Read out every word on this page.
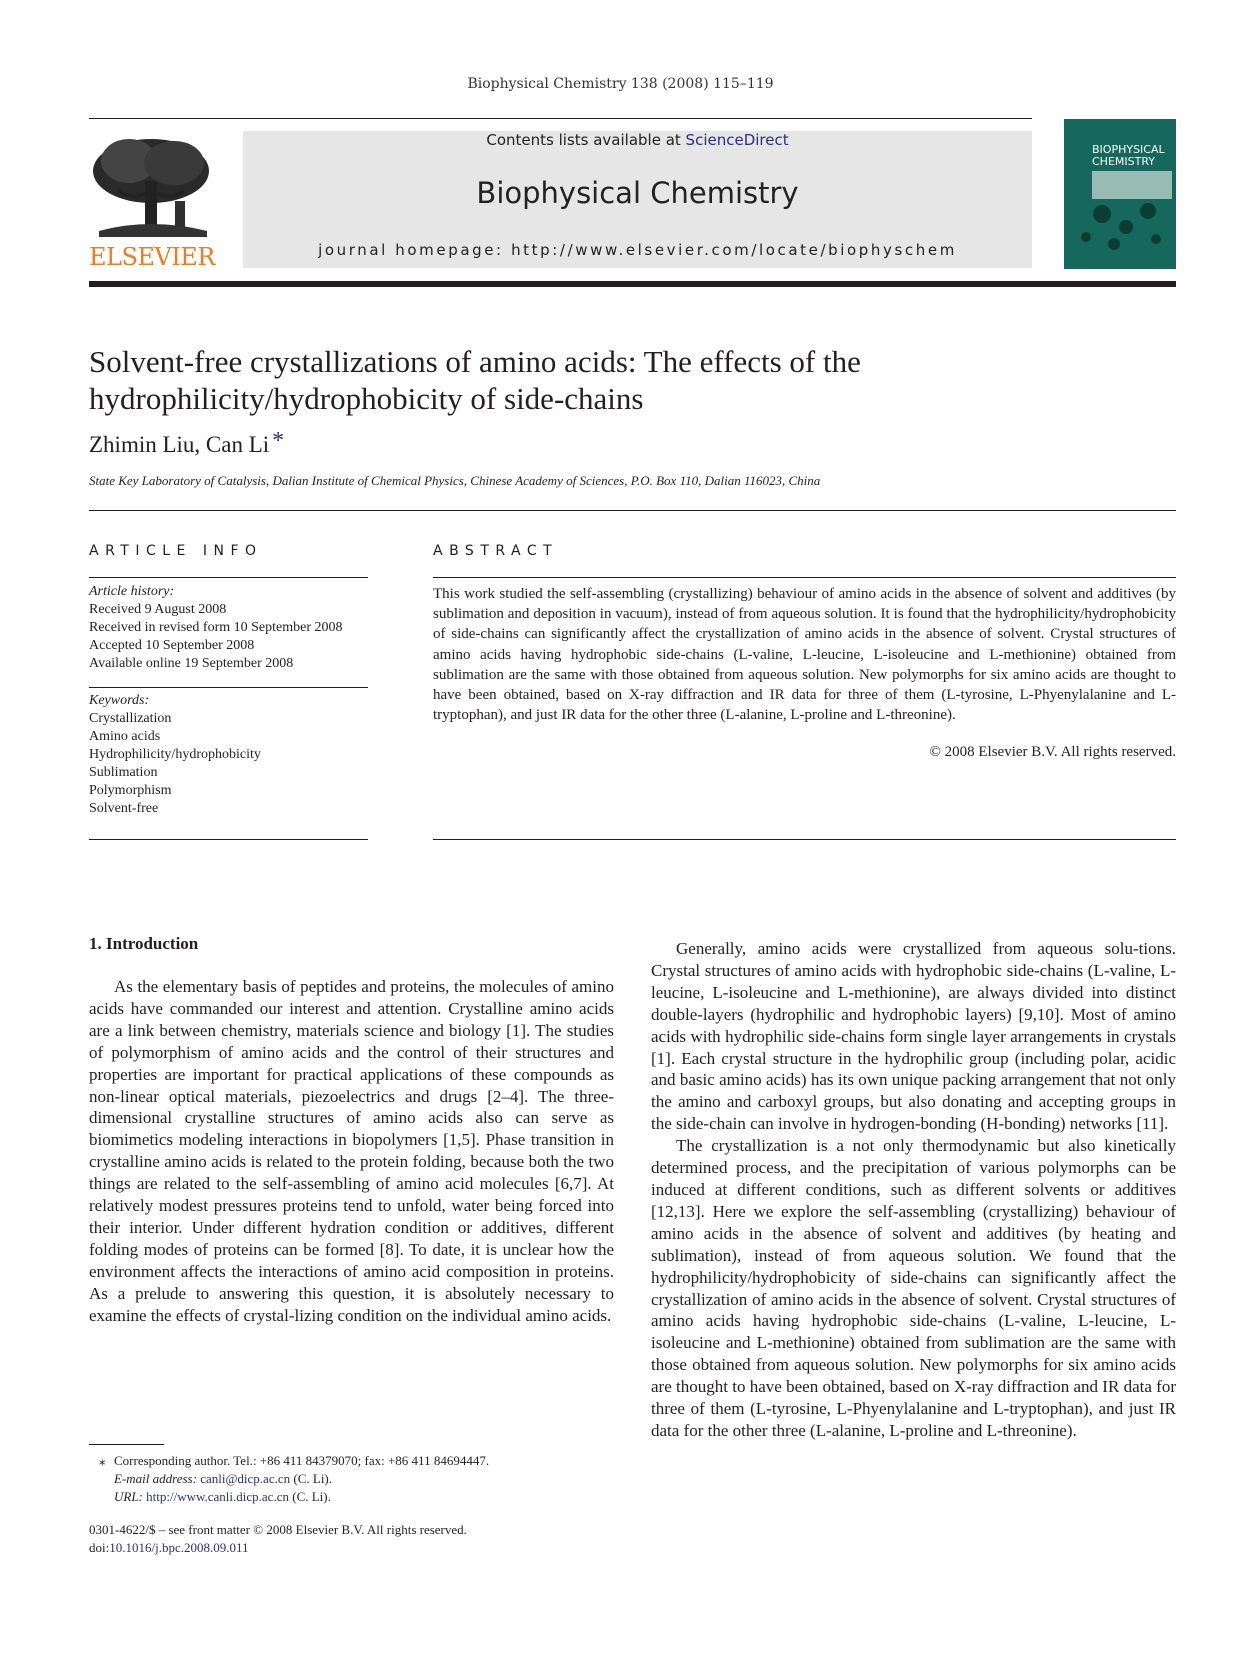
Biophysical Chemistry 138 (2008) 115–119
ELSEVIER
Contents lists available at ScienceDirect
Biophysical Chemistry
journal homepage: http://www.elsevier.com/locate/biophyschem
BIOPHYSICAL CHEMISTRY
Solvent-free crystallizations of amino acids: The effects of the hydrophilicity/hydrophobicity of side-chains
Zhimin Liu, Can Li *
State Key Laboratory of Catalysis, Dalian Institute of Chemical Physics, Chinese Academy of Sciences, P.O. Box 110, Dalian 116023, China
ARTICLE INFO	ABSTRACT
Article history:
Received 9 August 2008
Received in revised form 10 September 2008
Accepted 10 September 2008
Available online 19 September 2008
Keywords:
Crystallization
Amino acids
Hydrophilicity/hydrophobicity
Sublimation
Polymorphism
Solvent-free
This work studied the self-assembling (crystallizing) behaviour of amino acids in the absence of solvent and additives (by sublimation and deposition in vacuum), instead of from aqueous solution. It is found that the hydrophilicity/hydrophobicity of side-chains can significantly affect the crystallization of amino acids in the absence of solvent. Crystal structures of amino acids having hydrophobic side-chains (L-valine, L-leucine, L-isoleucine and L-methionine) obtained from sublimation are the same with those obtained from aqueous solution. New polymorphs for six amino acids are thought to have been obtained, based on X-ray diffraction and IR data for three of them (L-tyrosine, L-Phyenylalanine and L-tryptophan), and just IR data for the other three (L-alanine, L-proline and L-threonine).
© 2008 Elsevier B.V. All rights reserved.
1. Introduction

As the elementary basis of peptides and proteins, the molecules of amino acids have commanded our interest and attention. Crystalline amino acids are a link between chemistry, materials science and biology [1]. The studies of polymorphism of amino acids and the control of their structures and properties are important for practical applications of these compounds as non-linear optical materials, piezoelectrics and drugs [2–4]. The three-dimensional crystalline structures of amino acids also can serve as biomimetics modeling interactions in biopolymers [1,5]. Phase transition in crystalline amino acids is related to the protein folding, because both the two things are related to the self-assembling of amino acid molecules [6,7]. At relatively modest pressures proteins tend to unfold, water being forced into their interior. Under different hydration condition or additives, different folding modes of proteins can be formed [8]. To date, it is unclear how the environment affects the interactions of amino acid composition in proteins. As a prelude to answering this question, it is absolutely necessary to examine the effects of crystal-lizing condition on the individual amino acids.

Generally, amino acids were crystallized from aqueous solu-tions. Crystal structures of amino acids with hydrophobic side-chains (L-valine, L-leucine, L-isoleucine and L-methionine), are always divided into distinct double-layers (hydrophilic and hydrophobic layers) [9,10]. Most of amino acids with hydrophilic side-chains form single layer arrangements in crystals [1]. Each crystal structure in the hydrophilic group (including polar, acidic and basic amino acids) has its own unique packing arrangement that not only the amino and carboxyl groups, but also donating and accepting groups in the side-chain can involve in hydrogen-bonding (H-bonding) networks [11].

The crystallization is a not only thermodynamic but also kinetically determined process, and the precipitation of various polymorphs can be induced at different conditions, such as different solvents or additives [12,13]. Here we explore the self-assembling (crystallizing) behaviour of amino acids in the absence of solvent and additives (by heating and sublimation), instead of from aqueous solution. We found that the hydrophilicity/hydrophobicity of side-chains can significantly affect the crystallization of amino acids in the absence of solvent. Crystal structures of amino acids having hydrophobic side-chains (L-valine, L-leucine, L-isoleucine and L-methionine) obtained from sublimation are the same with those obtained from aqueous solution. New polymorphs for six amino acids are thought to have been obtained, based on X-ray diffraction and IR data for three of them (L-tyrosine, L-Phyenylalanine and L-tryptophan), and just IR data for the other three (L-alanine, L-proline and L-threonine).

⁎ Corresponding author. Tel.: +86 411 84379070; fax: +86 411 84694447.
E-mail address: canli@dicp.ac.cn (C. Li).
URL: http://www.canli.dicp.ac.cn (C. Li).
0301-4622/$ – see front matter © 2008 Elsevier B.V. All rights reserved.
doi:10.1016/j.bpc.2008.09.011
